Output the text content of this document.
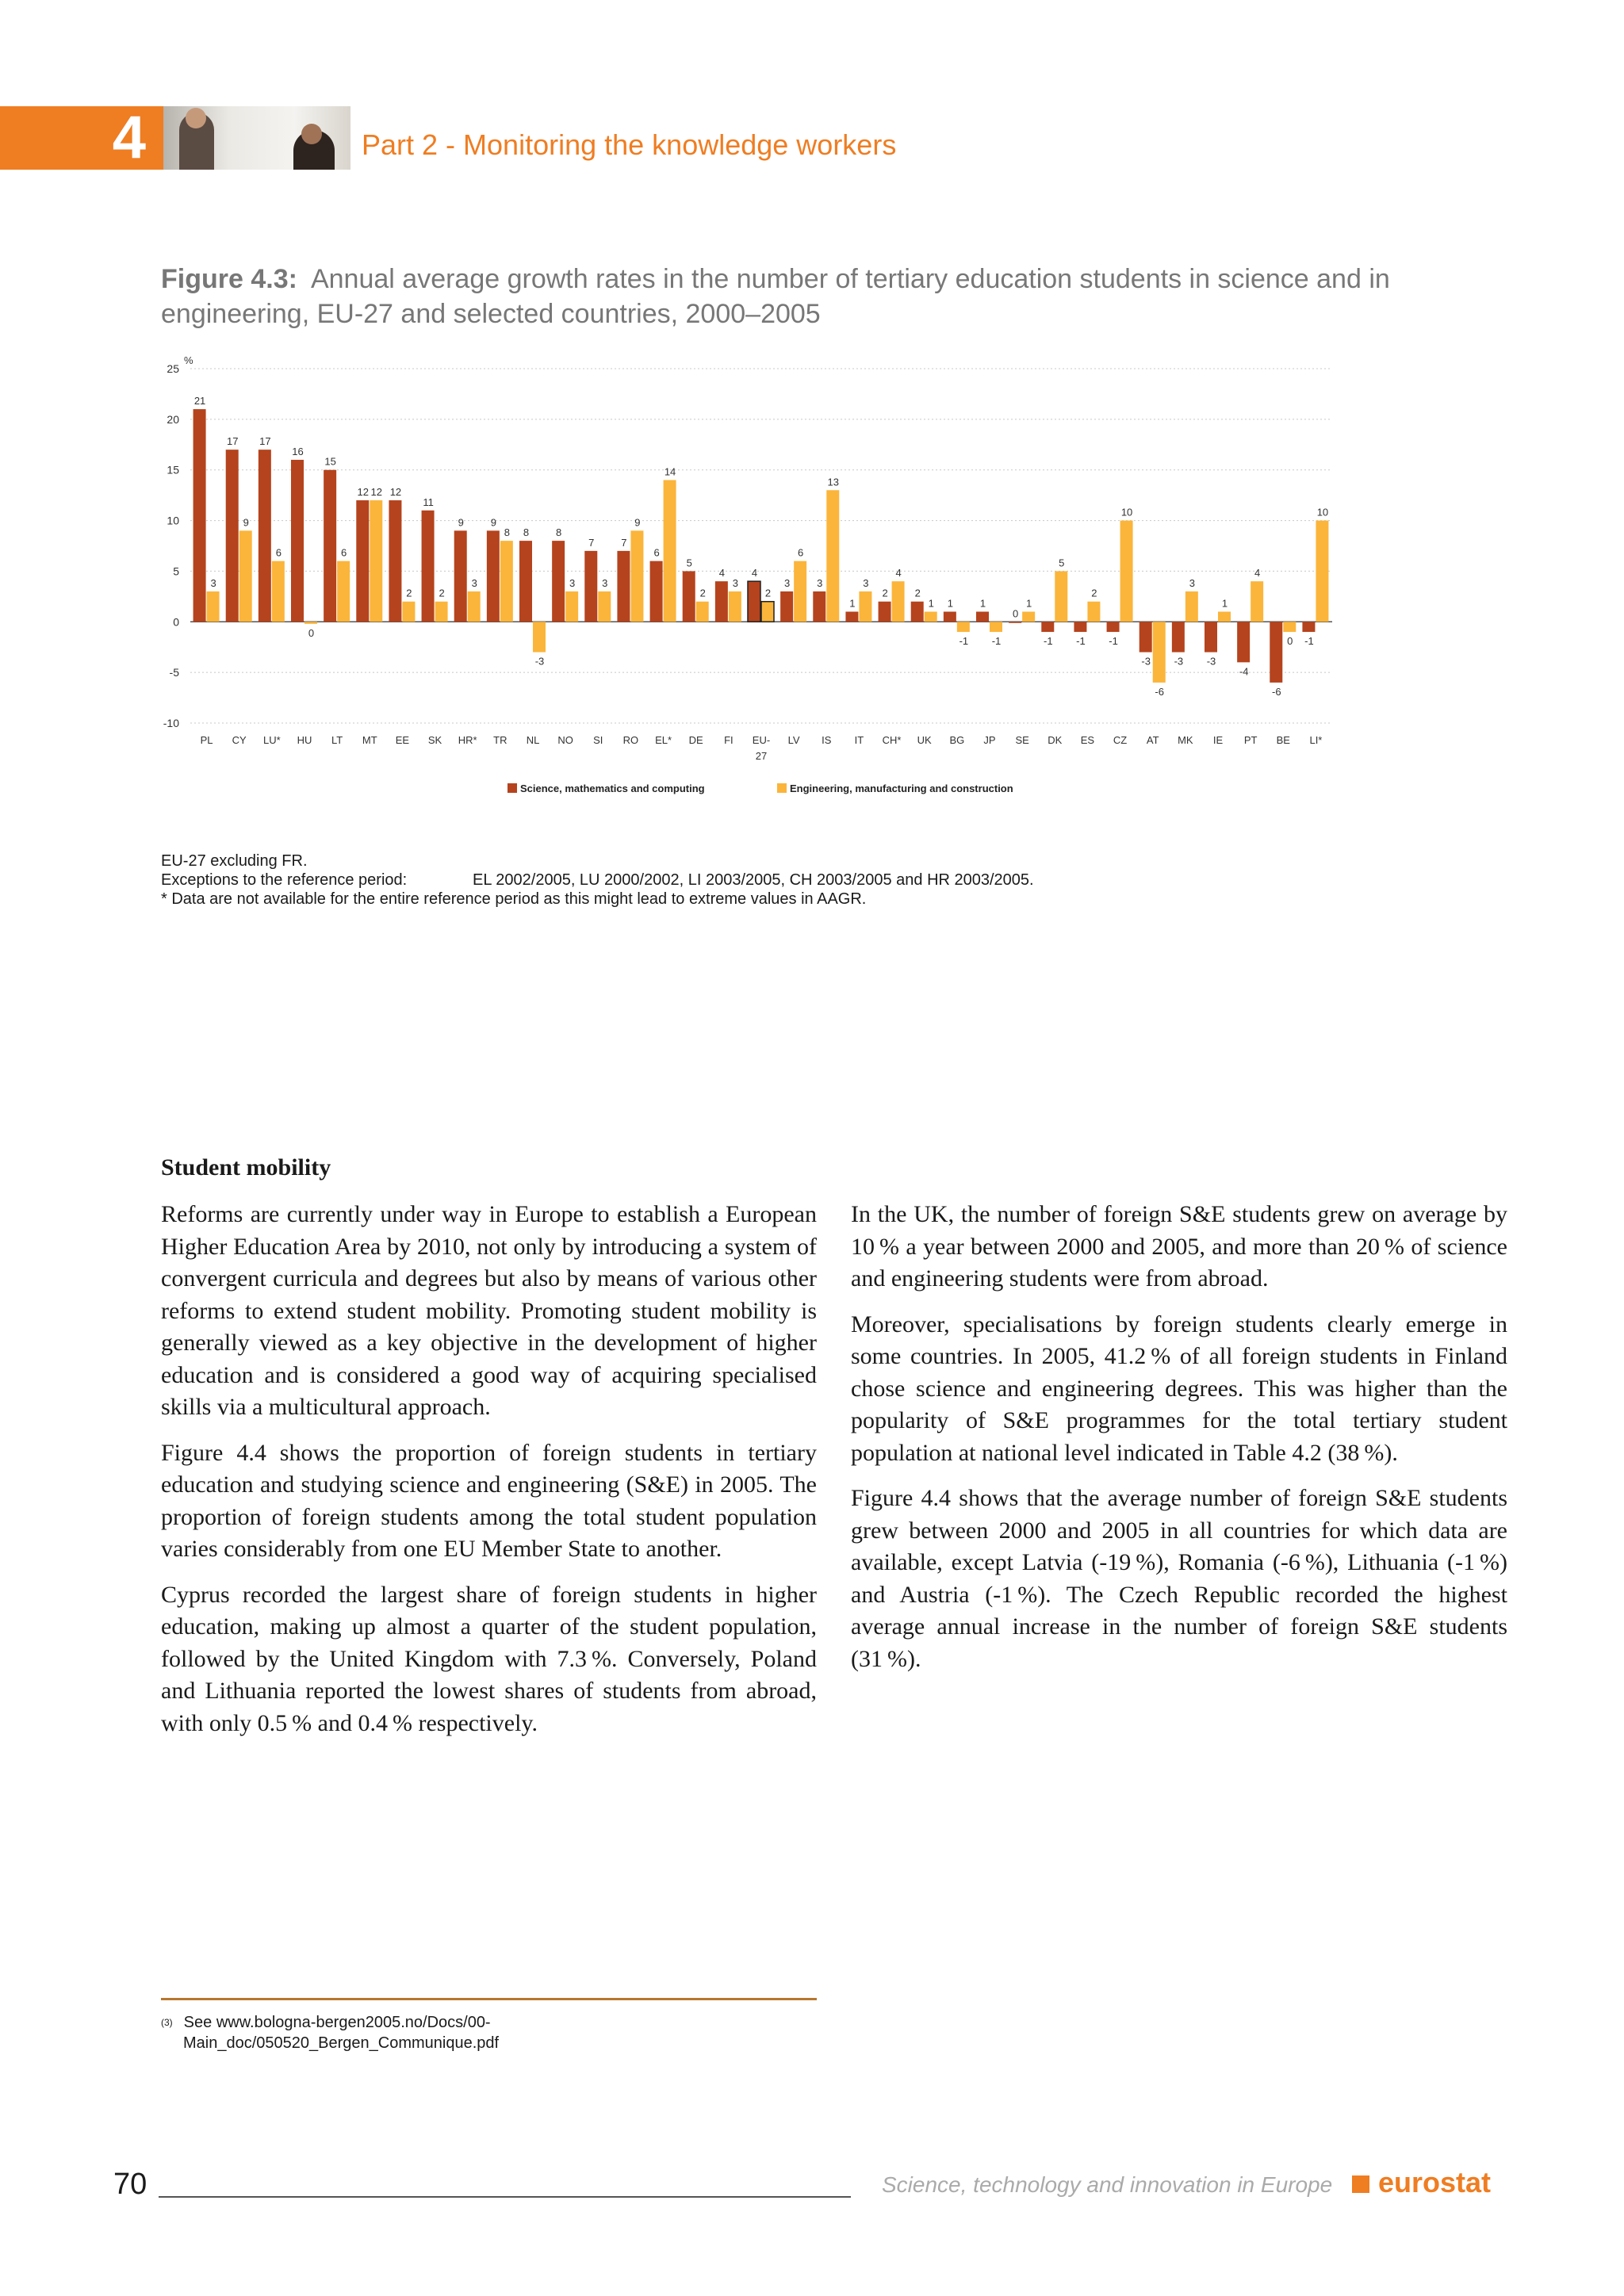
4	Part 2 - Monitoring the knowledge workers
Figure 4.3: Annual average growth rates in the number of tertiary education students in science and in engineering, EU-27 and selected countries, 2000–2005
25
20
15
10
5
0
-5
-10
%
21
3
PL
17
9
CY
17
6
LU*
16
0
HU
15
6
LT
12 12
MT
12
2
EE
11
2
SK
9
3
HR*
9
8
TR
8
-3
NL
8
3
NO
7
3
SI
7
9
RO
6
14
EL*
5
2
DE
4
3
FI
4
2
EU-
27
3
6
LV
3
13
IS
1
3
IT
2
4
CH*
2
1
UK
1
-1
BG
1
-1
JP
0
1
SE
-1
5
DK
-1
2
ES
-1
10
CZ
-3
-6
AT
-3
3
MK
-3
1
IE
-4
4
PT
-6
0
BE
-1
10
LI*
Science, mathematics and computing	Engineering, manufacturing and construction
EU-27 excluding FR.
Exceptions to the reference period:	EL 2002/2005, LU 2000/2002, LI 2003/2005, CH 2003/2005 and HR 2003/2005.
* Data are not available for the entire reference period as this might lead to extreme values in AAGR.
Student mobility

Reforms are currently under way in Europe to establish a European Higher Education Area by 2010, not only by introducing a system of convergent curricula and degrees but also by means of various other reforms to extend student mobility. Promoting student mobility is generally viewed as a key objective in the development of higher education and is considered a good way of acquiring specialised skills via a multicultural approach.

Figure 4.4 shows the proportion of foreign students in tertiary education and studying science and engineering (S&E) in 2005. The proportion of foreign students among the total student population varies considerably from one EU Member State to another.

Cyprus recorded the largest share of foreign students in higher education, making up almost a quarter of the student population, followed by the United Kingdom with 7.3 %. Conversely, Poland and Lithuania reported the lowest shares of students from abroad, with only 0.5 % and 0.4 % respectively.

In the UK, the number of foreign S&E students grew on average by 10 % a year between 2000 and 2005, and more than 20 % of science and engineering students were from abroad.

Moreover, specialisations by foreign students clearly emerge in some countries. In 2005, 41.2 % of all foreign students in Finland chose science and engineering degrees. This was higher than the popularity of S&E programmes for the total tertiary student population at national level indicated in Table 4.2 (38 %).

Figure 4.4 shows that the average number of foreign S&E students grew between 2000 and 2005 in all countries for which data are available, except Latvia (-19 %), Romania (-6 %), Lithuania (-1 %) and Austria (-1 %). The Czech Republic recorded the highest average annual increase in the number of foreign S&E students (31 %).

$^{(3)}$ See www.bologna-bergen2005.no/Docs/00-
Main_doc/050520_Bergen_Communique.pdf
70	Science, technology and innovation in Europe eurostat
